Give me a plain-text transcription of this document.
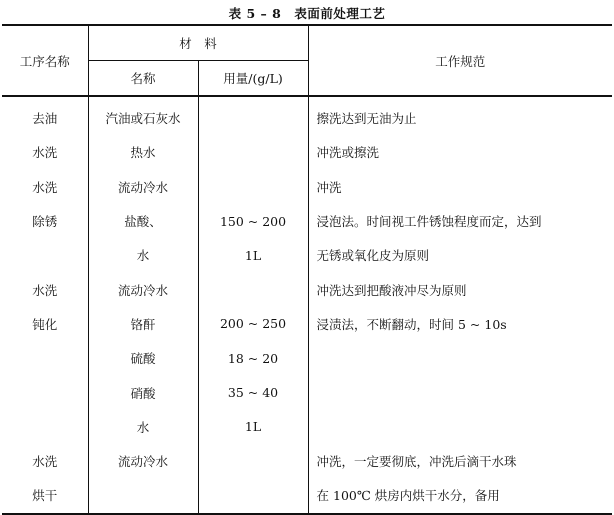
表 5 – 8　表面前处理工艺
工序名称	材　料		工作规范
	名称	用量/(g/L)	
去油	汽油或石灰水		擦洗达到无油为止
水洗	热水		冲洗或擦洗
水洗	流动冷水		冲洗
除锈	盐酸、	150 ~ 200	浸泡法。时间视工件锈蚀程度而定，达到
	水	1L	无锈或氧化皮为原则
水洗	流动冷水		冲洗达到把酸液冲尽为原则
钝化	铬酐	200 ~ 250	浸渍法，不断翻动，时间 5 ~ 10s
	硫酸	18 ~ 20	
	硝酸	35 ~ 40	
	水	1L	
水洗	流动冷水		冲洗，一定要彻底，冲洗后滴干水珠
烘干			在 100℃ 烘房内烘干水分，备用
